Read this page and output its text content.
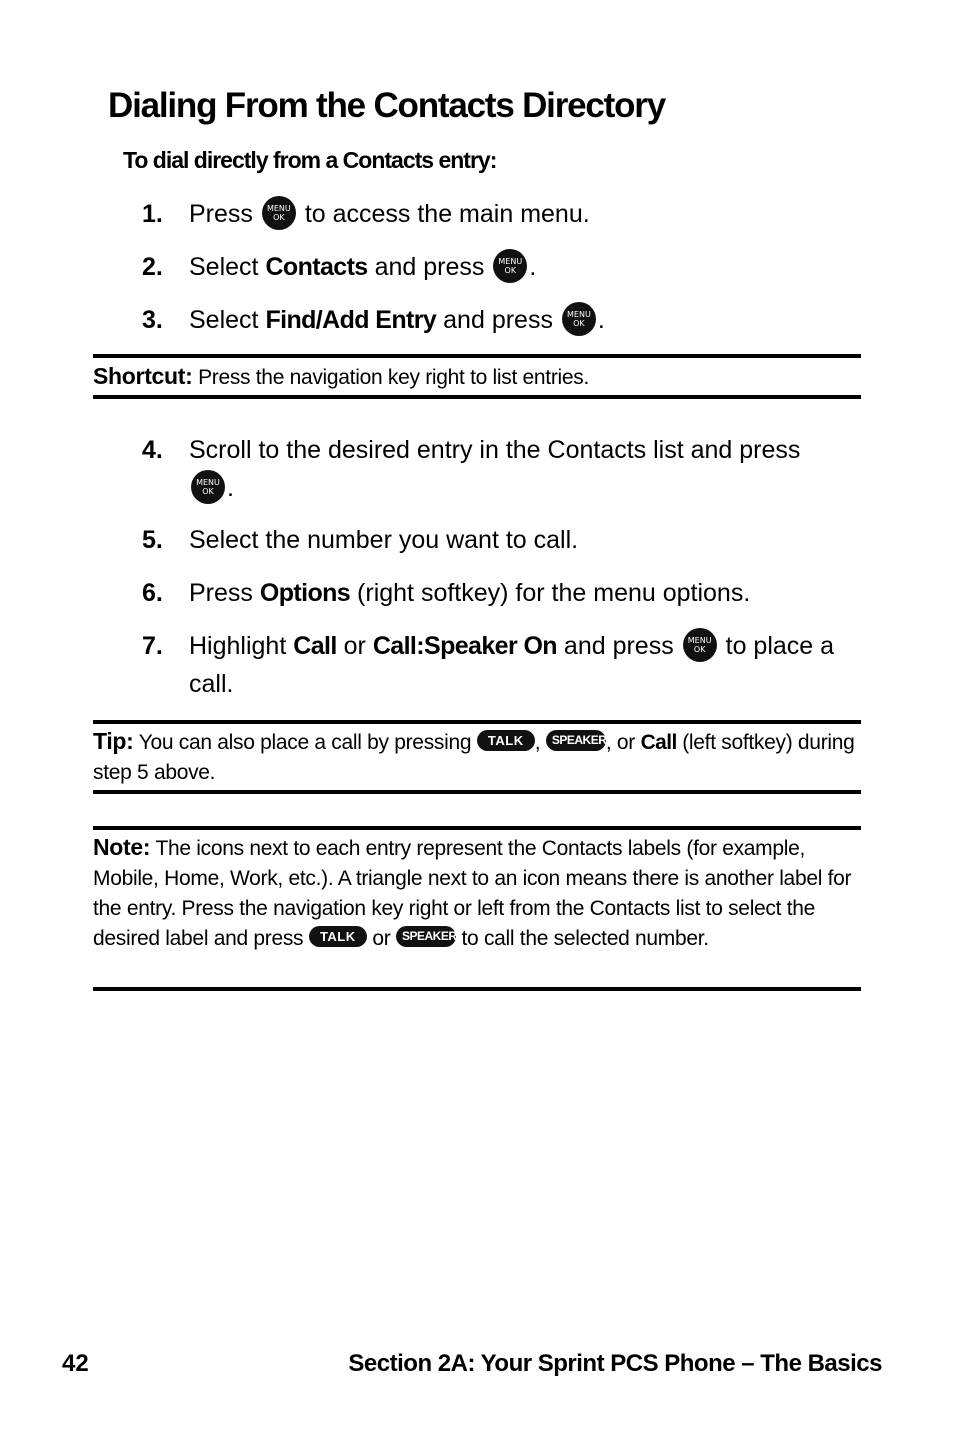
Dialing From the Contacts Directory

To dial directly from a Contacts entry:

1. Press	MENU
OK to access the main menu.
2. Select Contacts and press	MENU
OK .
3. Select Find/Add Entry and press	MENU
OK .
Shortcut: Press the navigation key right to list entries.
4. Scroll to the desired entry in the Contacts list and press
MENU
OK .
5. Select the number you want to call.
6. Press Options (right softkey) for the menu options.
7. Highlight Call or Call:Speaker On and press	MENU
OK to place a call.
Tip: You can also place a call by pressing TALK , SPEAKER, or Call (left softkey) during step 5 above.
Note: The icons next to each entry represent the Contacts labels (for example, Mobile, Home, Work, etc.). A triangle next to an icon means there is another label for the entry. Press the navigation key right or left from the Contacts list to select the desired label and press TALK or SPEAKER to call the selected number.
42	Section 2A: Your Sprint PCS Phone – The Basics
